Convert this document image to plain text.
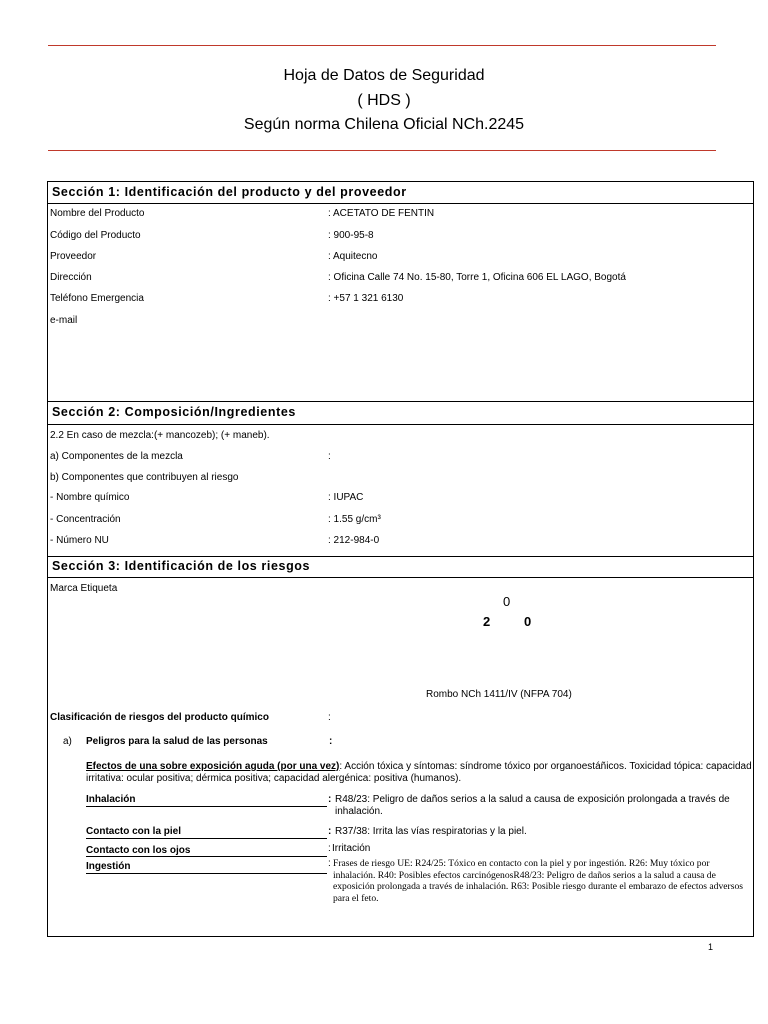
Hoja de Datos de Seguridad
( HDS )
Según norma Chilena Oficial NCh.2245
Sección 1: Identificación del producto y del proveedor
Nombre del Producto	: ACETATO DE FENTIN
Código del Producto	: 900-95-8
Proveedor	: Aquitecno
Dirección	: Oficina Calle 74 No. 15-80, Torre 1, Oficina 606 EL LAGO, Bogotá
Teléfono Emergencia	: +57 1 321 6130
e-mail
Sección 2: Composición/Ingredientes
2.2 En caso de mezcla:(+ mancozeb); (+ maneb).
a) Componentes de la mezcla	:
b) Componentes que contribuyen al riesgo
- Nombre químico	: IUPAC
- Concentración	: 1.55 g/cm³
- Número NU	: 212-984-0
Sección 3: Identificación de los riesgos
Marca Etiqueta
0
2	0
Rombo NCh 1411/IV (NFPA 704)
Clasificación de riesgos del producto químico	:
a) Peligros para la salud de las personas	:
Efectos de una sobre exposición aguda (por una vez): Acción tóxica y síntomas: síndrome tóxico por organoestáñicos. Toxicidad tópica: capacidad irritativa: ocular positiva; dérmica positiva; capacidad alergénica: positiva (humanos).
Inhalación	: R48/23: Peligro de daños serios a la salud a causa de exposición prolongada a través de inhalación.
Contacto con la piel	: R37/38: Irrita las vías respiratorias y la piel.
Contacto con los ojos	: Irritación
Ingestión	: Frases de riesgo UE: R24/25: Tóxico en contacto con la piel y por ingestión. R26: Muy tóxico por inhalación. R40: Posibles efectos carcinógenosR48/23: Peligro de daños serios a la salud a causa de exposición prolongada a través de inhalación. R63: Posible riesgo durante el embarazo de efectos adversos para el feto.
1
